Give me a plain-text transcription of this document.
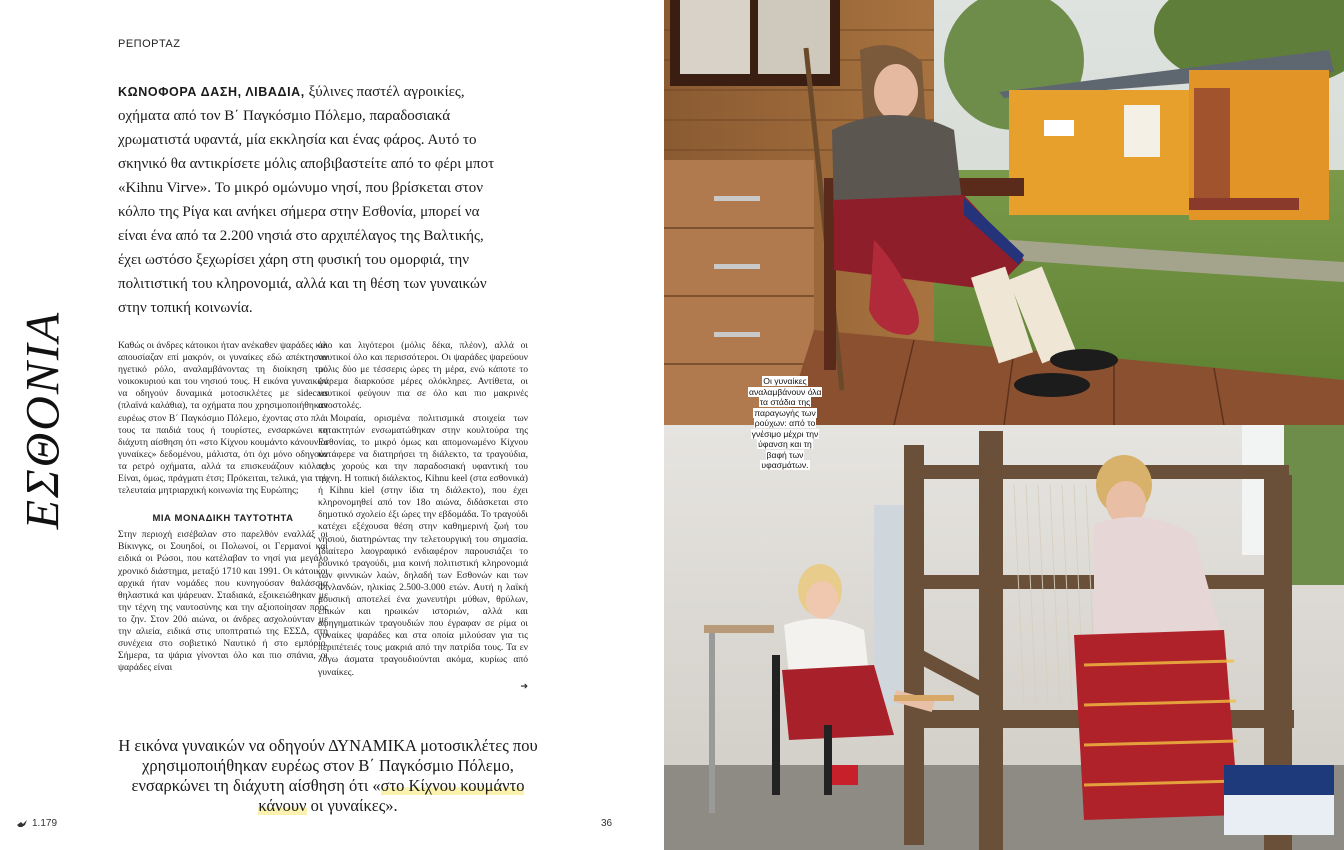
ΡΕΠΟΡΤΑΖ
ΕΣΘΟΝΙΑ

ΚΩΝΟΦΟΡΑ ΔΑΣΗ, ΛΙΒΑΔΙΑ, ξύλινες παστέλ αγροικίες, οχήματα από τον Β΄ Παγκόσμιο Πόλεμο, παραδοσιακά χρωματιστά υφαντά, μία εκκλησία και ένας φάρος. Αυτό το σκηνικό θα αντικρίσετε μόλις αποβιβαστείτε από το φέρι μποτ «Kihnu Virve». Το μικρό ομώνυμο νησί, που βρίσκεται στον κόλπο της Ρίγα και ανήκει σήμερα στην Εσθονία, μπορεί να είναι ένα από τα 2.200 νησιά στο αρχιπέλαγος της Βαλτικής, έχει ωστόσο ξεχωρίσει χάρη στη φυσική του ομορφιά, την πολιτιστική του κληρονομιά, αλλά και τη θέση των γυναικών στην τοπική κοινωνία.

Καθώς οι άνδρες κάτοικοι ήταν ανέκαθεν ψαράδες και απουσίαζαν επί μακρόν, οι γυναίκες εδώ απέκτησαν ηγετικό ρόλο, αναλαμβάνοντας τη διοίκηση του νοικοκυριού και του νησιού τους. Η εικόνα γυναικών να οδηγούν δυναμικά μοτοσικλέτες με sidecars (πλαϊνά καλάθια), τα οχήματα που χρησιμοποιήθηκαν ευρέως στον Β΄ Παγκόσμιο Πόλεμο, έχοντας στο πλάι τους τα παιδιά τους ή τουρίστες, ενσαρκώνει τη διάχυτη αίσθηση ότι «στο Κίχνου κουμάντο κάνουν οι γυναίκες» δεδομένου, μάλιστα, ότι όχι μόνο οδηγούν τα ρετρό οχήματα, αλλά τα επισκευάζουν κιόλας! Είναι, όμως, πράγματι έτσι; Πρόκειται, τελικά, για την τελευταία μητριαρχική κοινωνία της Ευρώπης;

ΜΙΑ ΜΟΝΑΔΙΚΗ ΤΑΥΤΟΤΗΤΑ

Στην περιοχή εισέβαλαν στο παρελθόν εναλλάξ οι Βίκινγκς, οι Σουηδοί, οι Πολωνοί, οι Γερμανοί και ειδικά οι Ρώσοι, που κατέλαβαν το νησί για μεγάλο χρονικό διάστημα, μεταξύ 1710 και 1991. Οι κάτοικοι αρχικά ήταν νομάδες που κυνηγούσαν θαλάσσια θηλαστικά και ψάρευαν. Σταδιακά, εξοικειώθηκαν με την τέχνη της ναυτοσύνης και την αξιοποίησαν προς το ζην. Στον 20ό αιώνα, οι άνδρες ασχολούνταν με την αλιεία, ειδικά στις υποπτρατιώ της ΕΣΣΔ, στη συνέχεια στο σοβιετικό Ναυτικό ή στο εμπόριο. Σήμερα, τα ψάρια γίνονται όλο και πιο σπάνια, οι ψαράδες είναι

όλο και λιγότεροι (μόλις δέκα, πλέον), αλλά οι ναυτικοί όλο και περισσότεροι. Οι ψαράδες ψαρεύουν μόλις δύο με τέσσερις ώρες τη μέρα, ενώ κάποτε το ψάρεμα διαρκούσε μέρες ολόκληρες. Αντίθετα, οι ναυτικοί φεύγουν πια σε όλο και πιο μακρινές αποστολές.

Μοιραία, ορισμένα πολιτισμικά στοιχεία των κατακτητών ενσωματώθηκαν στην κουλτούρα της Εσθονίας, το μικρό όμως και απομονωμένο Κίχνου κατάφερε να διατηρήσει τη διάλεκτο, τα τραγούδια, τους χορούς και την παραδοσιακή υφαντική του τέχνη. Η τοπική διάλεκτος, Kihnu keel (στα εσθονικά) ή Kihnu kiel (στην ίδια τη διάλεκτο), που έχει κληρονομηθεί από τον 18ο αιώνα, διδάσκεται στο δημοτικό σχολείο έξι ώρες την εβδομάδα. Το τραγούδι κατέχει εξέχουσα θέση στην καθημερινή ζωή του νησιού, διατηρώντας την τελετουργική του σημασία. Ιδιαίτερο λαογραφικό ενδιαφέρον παρουσιάζει το ρουνικό τραγούδι, μια κοινή πολιτιστική κληρονομιά των φιννικών λαών, δηλαδή των Εσθονών και των Φινλανδών, ηλικίας 2.500-3.000 ετών. Αυτή η λαϊκή μουσική αποτελεί ένα χωνευτήρι μύθων, θρύλων, επικών και ηρωικών ιστοριών, αλλά και αφηγηματικών τραγουδιών που έγραφαν σε ρίμα οι γυναίκες ψαράδες και στα οποία μιλούσαν για τις περιπέτειές τους μακριά από την πατρίδα τους. Τα εν λόγω άσματα τραγουδιούνται ακόμα, κυρίως από γυναίκες.

➔

Η εικόνα γυναικών να οδηγούν ΔΥΝΑΜΙΚΑ μοτοσικλέτες που χρησιμοποιήθηκαν ευρέως στον Β΄ Παγκόσμιο Πόλεμο, ενσαρκώνει τη διάχυτη αίσθηση ότι «στο Κίχνου κουμάντο κάνουν οι γυναίκες».

1.179	36
Οι γυναίκες αναλαμβάνουν όλα τα στάδια της παραγωγής των ρούχων: από το γνέσιμο μέχρι την ύφανση και τη βαφή των υφασμάτων.
